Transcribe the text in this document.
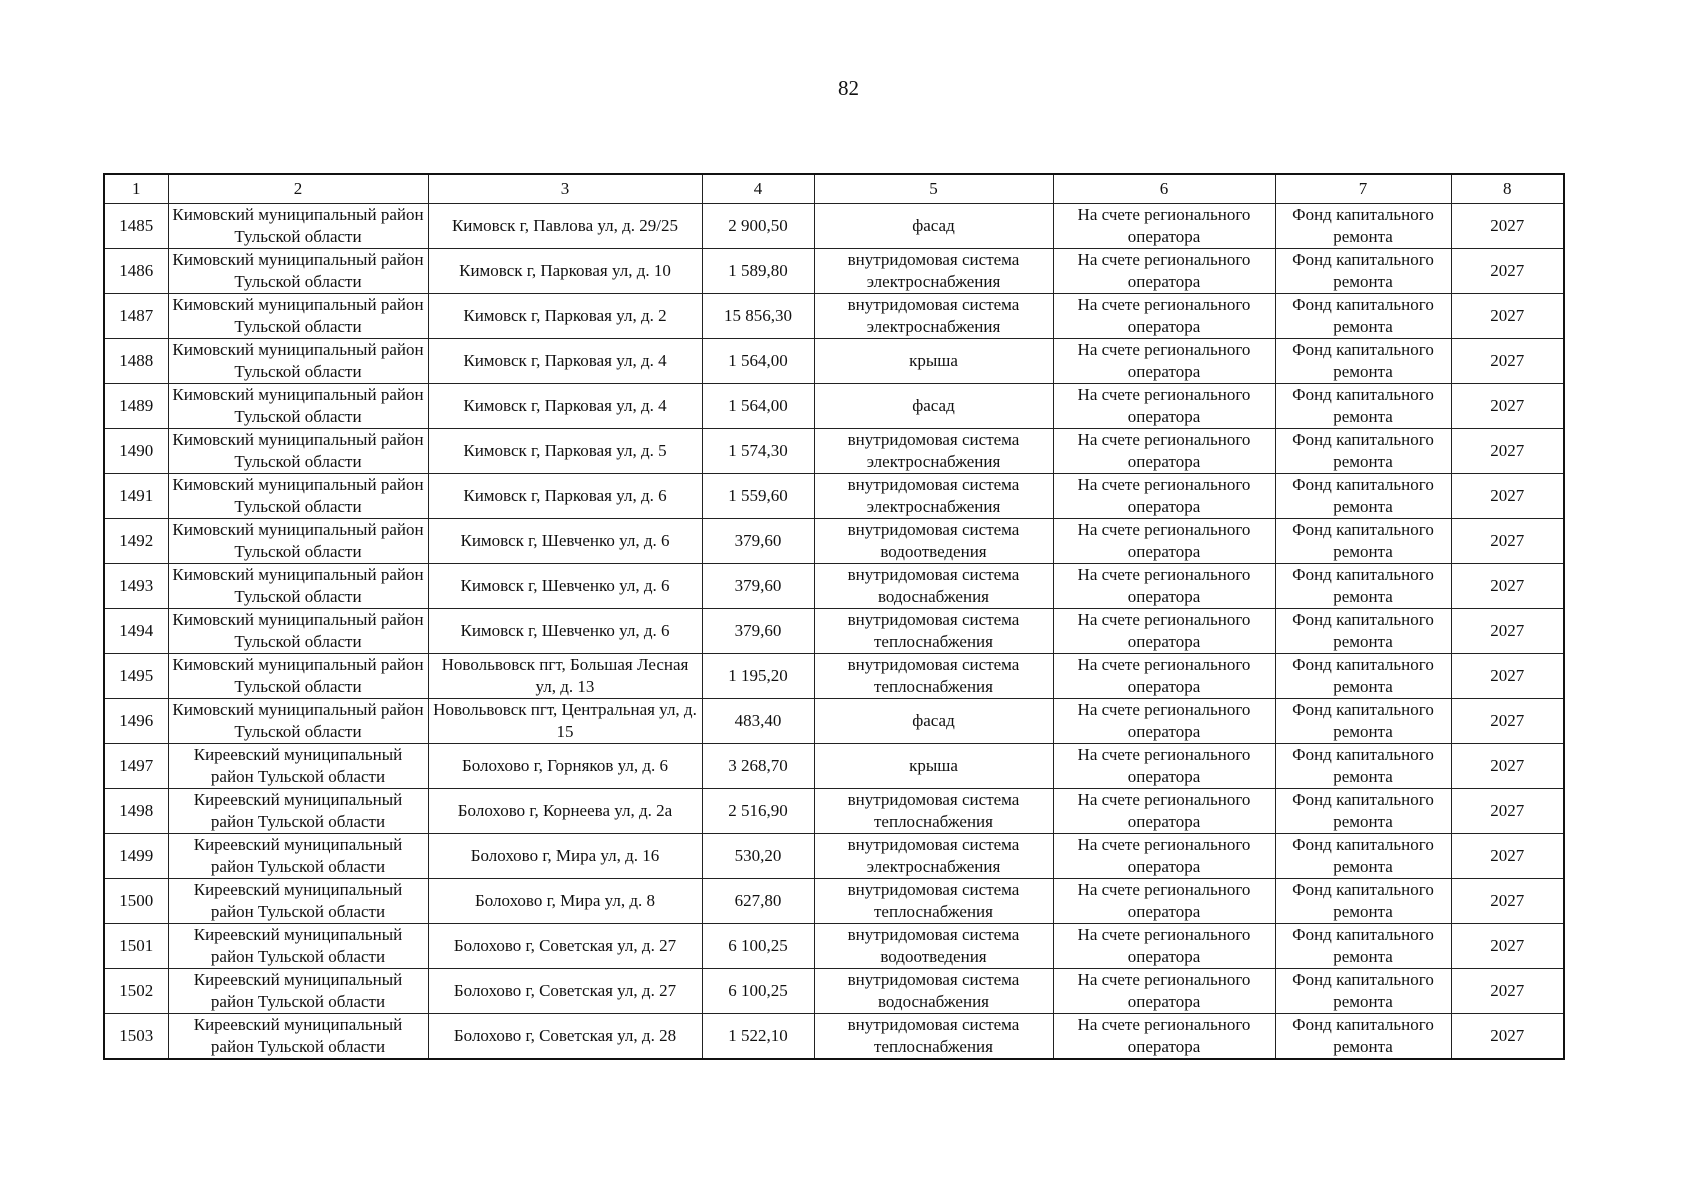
82
1	2	3	4	5	6	7	8
1485	Кимовский муниципальный район Тульской области	Кимовск г, Павлова ул, д. 29/25	2 900,50	фасад	На счете регионального оператора	Фонд капитального ремонта	2027
1486	Кимовский муниципальный район Тульской области	Кимовск г, Парковая ул, д. 10	1 589,80	внутридомовая система электроснабжения	На счете регионального оператора	Фонд капитального ремонта	2027
1487	Кимовский муниципальный район Тульской области	Кимовск г, Парковая ул, д. 2	15 856,30	внутридомовая система электроснабжения	На счете регионального оператора	Фонд капитального ремонта	2027
1488	Кимовский муниципальный район Тульской области	Кимовск г, Парковая ул, д. 4	1 564,00	крыша	На счете регионального оператора	Фонд капитального ремонта	2027
1489	Кимовский муниципальный район Тульской области	Кимовск г, Парковая ул, д. 4	1 564,00	фасад	На счете регионального оператора	Фонд капитального ремонта	2027
1490	Кимовский муниципальный район Тульской области	Кимовск г, Парковая ул, д. 5	1 574,30	внутридомовая система электроснабжения	На счете регионального оператора	Фонд капитального ремонта	2027
1491	Кимовский муниципальный район Тульской области	Кимовск г, Парковая ул, д. 6	1 559,60	внутридомовая система электроснабжения	На счете регионального оператора	Фонд капитального ремонта	2027
1492	Кимовский муниципальный район Тульской области	Кимовск г, Шевченко ул, д. 6	379,60	внутридомовая система водоотведения	На счете регионального оператора	Фонд капитального ремонта	2027
1493	Кимовский муниципальный район Тульской области	Кимовск г, Шевченко ул, д. 6	379,60	внутридомовая система водоснабжения	На счете регионального оператора	Фонд капитального ремонта	2027
1494	Кимовский муниципальный район Тульской области	Кимовск г, Шевченко ул, д. 6	379,60	внутридомовая система теплоснабжения	На счете регионального оператора	Фонд капитального ремонта	2027
1495	Кимовский муниципальный район Тульской области	Новольвовск пгт, Большая Лесная ул, д. 13	1 195,20	внутридомовая система теплоснабжения	На счете регионального оператора	Фонд капитального ремонта	2027
1496	Кимовский муниципальный район Тульской области	Новольвовск пгт, Центральная ул, д. 15	483,40	фасад	На счете регионального оператора	Фонд капитального ремонта	2027
1497	Киреевский муниципальный район Тульской области	Болохово г, Горняков ул, д. 6	3 268,70	крыша	На счете регионального оператора	Фонд капитального ремонта	2027
1498	Киреевский муниципальный район Тульской области	Болохово г, Корнеева ул, д. 2а	2 516,90	внутридомовая система теплоснабжения	На счете регионального оператора	Фонд капитального ремонта	2027
1499	Киреевский муниципальный район Тульской области	Болохово г, Мира ул, д. 16	530,20	внутридомовая система электроснабжения	На счете регионального оператора	Фонд капитального ремонта	2027
1500	Киреевский муниципальный район Тульской области	Болохово г, Мира ул, д. 8	627,80	внутридомовая система теплоснабжения	На счете регионального оператора	Фонд капитального ремонта	2027
1501	Киреевский муниципальный район Тульской области	Болохово г, Советская ул, д. 27	6 100,25	внутридомовая система водоотведения	На счете регионального оператора	Фонд капитального ремонта	2027
1502	Киреевский муниципальный район Тульской области	Болохово г, Советская ул, д. 27	6 100,25	внутридомовая система водоснабжения	На счете регионального оператора	Фонд капитального ремонта	2027
1503	Киреевский муниципальный район Тульской области	Болохово г, Советская ул, д. 28	1 522,10	внутридомовая система теплоснабжения	На счете регионального оператора	Фонд капитального ремонта	2027
